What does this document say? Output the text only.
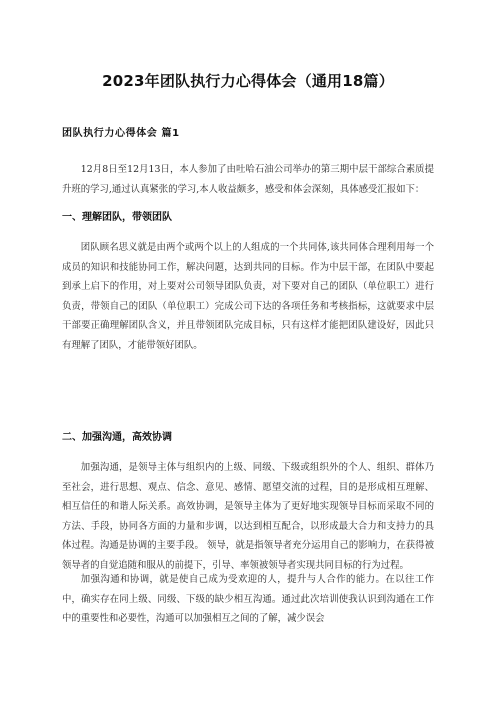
2023年团队执行力心得体会（通用18篇）
团队执行力心得体会 篇1

12月8日至12月13日，本人参加了由吐哈石油公司举办的第三期中层干部综合素质提升班的学习,通过认真紧张的学习,本人收益颇多，感受和体会深刻，具体感受汇报如下：

一、理解团队，带领团队

团队顾名思义就是由两个或两个以上的人组成的一个共同体,该共同体合理利用每一个成员的知识和技能协同工作，解决问题，达到共同的目标。作为中层干部，在团队中要起到承上启下的作用，对上要对公司领导团队负责，对下要对自己的团队（单位职工）进行负责，带领自己的团队（单位职工）完成公司下达的各项任务和考核指标，这就要求中层干部要正确理解团队含义，并且带领团队完成目标，只有这样才能把团队建设好，因此只有理解了团队，才能带领好团队。

二、加强沟通，高效协调

加强沟通，是领导主体与组织内的上级、同级、下级或组织外的个人、组织、群体乃至社会，进行思想、观点、信念、意见、感情、愿望交流的过程，目的是形成相互理解、相互信任的和谐人际关系。高效协调，是领导主体为了更好地实现领导目标而采取不同的方法、手段，协同各方面的力量和步调，以达到相互配合，以形成最大合力和支持力的具体过程。沟通是协调的主要手段。 领导，就是指领导者充分运用自己的影响力，在获得被领导者的自觉追随和服从的前提下，引导、率领被领导者实现共同目标的行为过程。

加强沟通和协调，就是使自己成为受欢迎的人，提升与人合作的能力。在以往工作中，确实存在同上级、同级、下级的缺少相互沟通。通过此次培训使我认识到沟通在工作中的重要性和必要性，沟通可以加强相互之间的了解，减少误会
